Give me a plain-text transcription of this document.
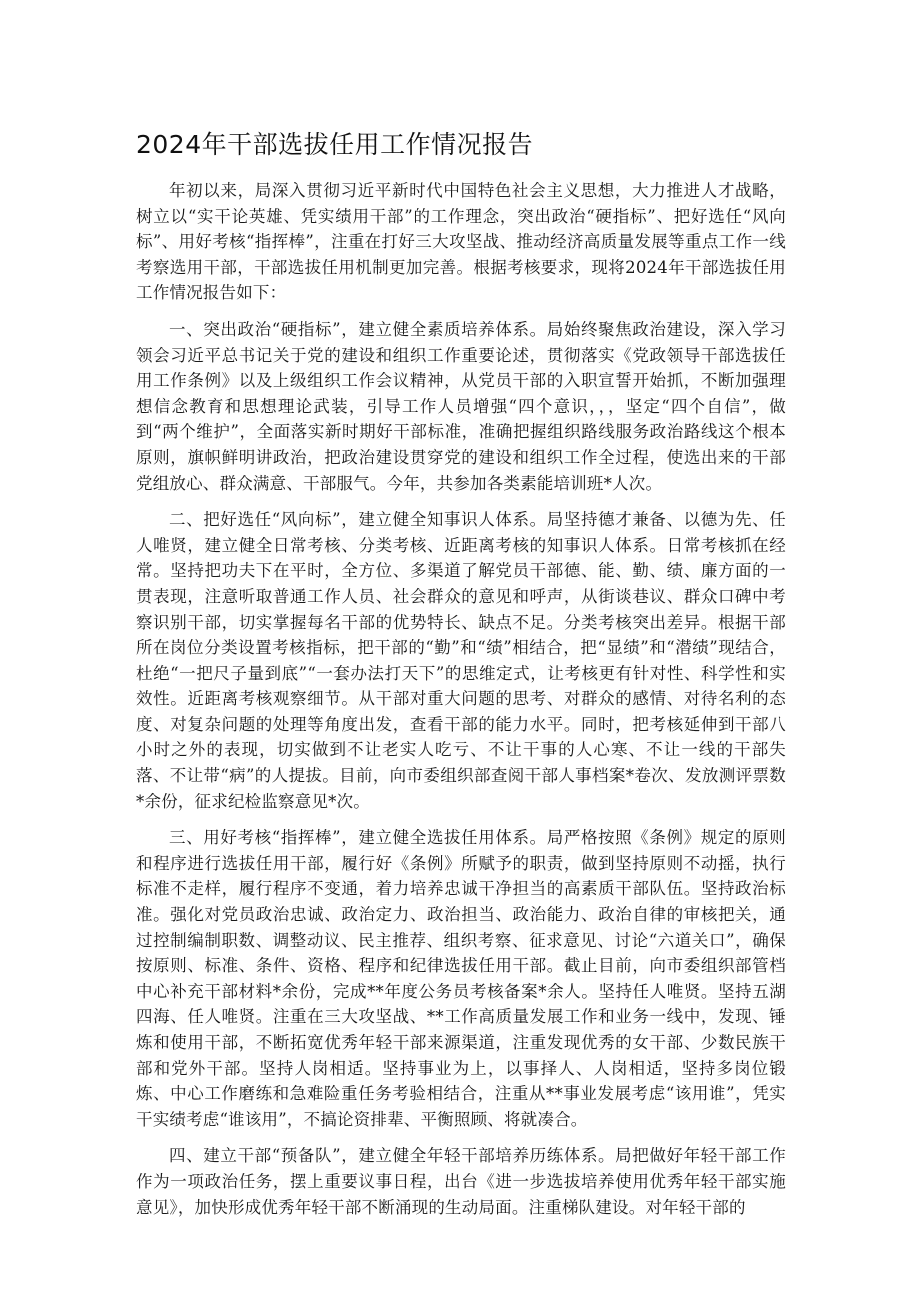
2024年干部选拔任用工作情况报告

年初以来，局深入贯彻习近平新时代中国特色社会主义思想，大力推进人才战略，树立以“实干论英雄、凭实绩用干部”的工作理念，突出政治“硬指标”、把好选任“风向标”、用好考核“指挥棒”，注重在打好三大攻坚战、推动经济高质量发展等重点工作一线考察选用干部，干部选拔任用机制更加完善。根据考核要求，现将2024年干部选拔任用工作情况报告如下：

一、突出政治“硬指标”，建立健全素质培养体系。局始终聚焦政治建设，深入学习领会习近平总书记关于党的建设和组织工作重要论述，贯彻落实《党政领导干部选拔任用工作条例》以及上级组织工作会议精神，从党员干部的入职宣誓开始抓，不断加强理想信念教育和思想理论武装，引导工作人员增强“四个意识，，，坚定“四个自信”，做到“两个维护”，全面落实新时期好干部标准，准确把握组织路线服务政治路线这个根本原则，旗帜鲜明讲政治，把政治建设贯穿党的建设和组织工作全过程，使选出来的干部党组放心、群众满意、干部服气。今年，共参加各类素能培训班*人次。

二、把好选任“风向标”，建立健全知事识人体系。局坚持德才兼备、以德为先、任人唯贤，建立健全日常考核、分类考核、近距离考核的知事识人体系。日常考核抓在经常。坚持把功夫下在平时，全方位、多渠道了解党员干部德、能、勤、绩、廉方面的一贯表现，注意听取普通工作人员、社会群众的意见和呼声，从街谈巷议、群众口碑中考察识别干部，切实掌握每名干部的优势特长、缺点不足。分类考核突出差异。根据干部所在岗位分类设置考核指标，把干部的“勤”和“绩”相结合，把“显绩”和“潜绩”现结合，杜绝“一把尺子量到底”“一套办法打天下”的思维定式，让考核更有针对性、科学性和实效性。近距离考核观察细节。从干部对重大问题的思考、对群众的感情、对待名利的态度、对复杂问题的处理等角度出发，查看干部的能力水平。同时，把考核延伸到干部八小时之外的表现，切实做到不让老实人吃亏、不让干事的人心寒、不让一线的干部失落、不让带“病”的人提拔。目前，向市委组织部查阅干部人事档案*卷次、发放测评票数*余份，征求纪检监察意见*次。

三、用好考核“指挥棒”，建立健全选拔任用体系。局严格按照《条例》规定的原则和程序进行选拔任用干部，履行好《条例》所赋予的职责，做到坚持原则不动摇，执行标准不走样，履行程序不变通，着力培养忠诚干净担当的高素质干部队伍。坚持政治标准。强化对党员政治忠诚、政治定力、政治担当、政治能力、政治自律的审核把关，通过控制编制职数、调整动议、民主推荐、组织考察、征求意见、讨论“六道关口”，确保按原则、标准、条件、资格、程序和纪律选拔任用干部。截止目前，向市委组织部管档中心补充干部材料*余份，完成**年度公务员考核备案*余人。坚持任人唯贤。坚持五湖四海、任人唯贤。注重在三大攻坚战、**工作高质量发展工作和业务一线中，发现、锤炼和使用干部，不断拓宽优秀年轻干部来源渠道，注重发现优秀的女干部、少数民族干部和党外干部。坚持人岗相适。坚持事业为上，以事择人、人岗相适，坚持多岗位锻炼、中心工作磨练和急难险重任务考验相结合，注重从**事业发展考虑“该用谁”，凭实干实绩考虑“谁该用”，不搞论资排辈、平衡照顾、将就凑合。

四、建立干部“预备队”，建立健全年轻干部培养历练体系。局把做好年轻干部工作作为一项政治任务，摆上重要议事日程，出台《进一步选拔培养使用优秀年轻干部实施意见》，加快形成优秀年轻干部不断涌现的生动局面。注重梯队建设。对年轻干部的
